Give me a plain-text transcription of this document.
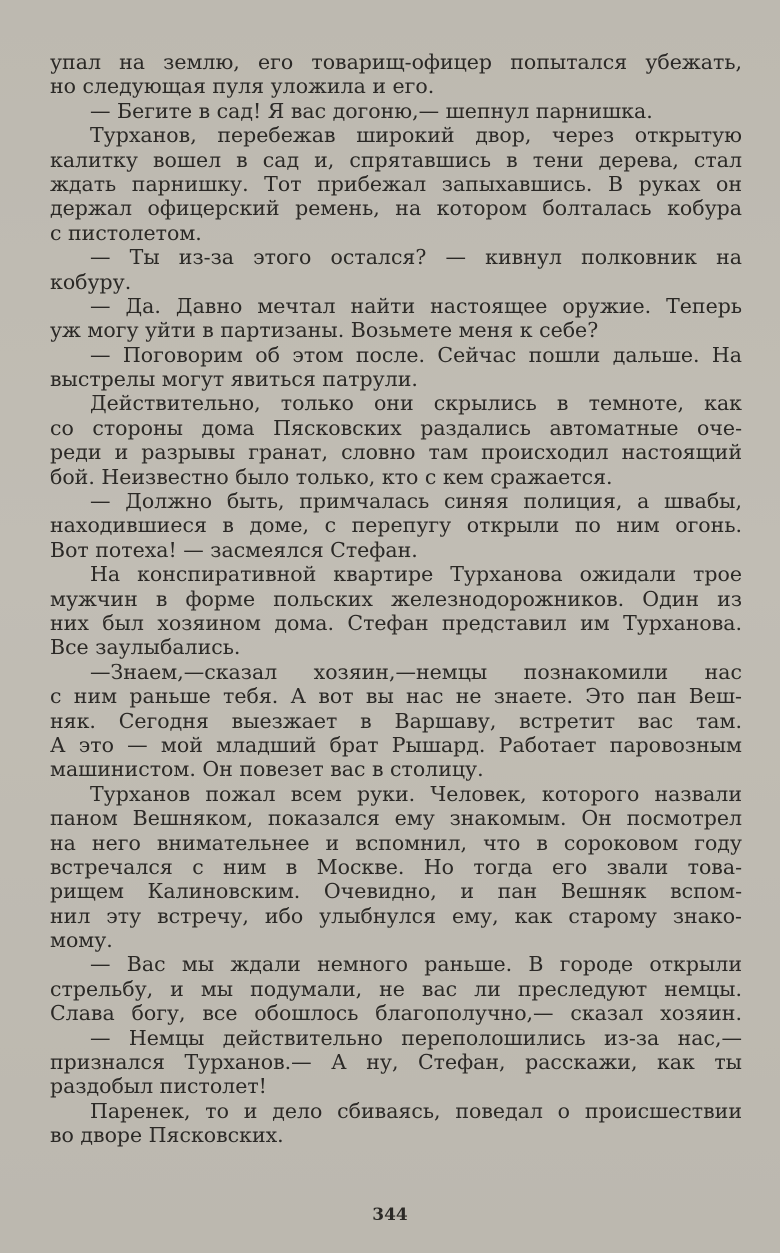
упал на землю, его товарищ-офицер попытался убежать,
но следующая пуля уложила и его.
— Бегите в сад! Я вас догоню,— шепнул парнишка.
Турханов, перебежав широкий двор, через открытую
калитку вошел в сад и, спрятавшись в тени дерева, стал
ждать парнишку. Тот прибежал запыхавшись. В руках он
держал офицерский ремень, на котором болталась кобура
с пистолетом.
— Ты из-за этого остался? — кивнул полковник на
кобуру.
— Да. Давно мечтал найти настоящее оружие. Теперь
уж могу уйти в партизаны. Возьмете меня к себе?
— Поговорим об этом после. Сейчас пошли дальше. На
выстрелы могут явиться патрули.
Действительно, только они скрылись в темноте, как
со стороны дома Пясковских раздались автоматные оче-
реди и разрывы гранат, словно там происходил настоящий
бой. Неизвестно было только, кто с кем сражается.
— Должно быть, примчалась синяя полиция, а швабы,
находившиеся в доме, с перепугу открыли по ним огонь.
Вот потеха! — засмеялся Стефан.
На конспиративной квартире Турханова ожидали трое
мужчин в форме польских железнодорожников. Один из
них был хозяином дома. Стефан представил им Турханова.
Все заулыбались.
—Знаем,—сказал хозяин,—немцы познакомили нас
с ним раньше тебя. А вот вы нас не знаете. Это пан Веш-
няк. Сегодня выезжает в Варшаву, встретит вас там.
А это — мой младший брат Рышард. Работает паровозным
машинистом. Он повезет вас в столицу.
Турханов пожал всем руки. Человек, которого назвали
паном Вешняком, показался ему знакомым. Он посмотрел
на него внимательнее и вспомнил, что в сороковом году
встречался с ним в Москве. Но тогда его звали това-
рищем Калиновским. Очевидно, и пан Вешняк вспом-
нил эту встречу, ибо улыбнулся ему, как старому знако-
мому.
— Вас мы ждали немного раньше. В городе открыли
стрельбу, и мы подумали, не вас ли преследуют немцы.
Слава богу, все обошлось благополучно,— сказал хозяин.
— Немцы действительно переполошились из-за нас,—
признался Турханов.— А ну, Стефан, расскажи, как ты
раздобыл пистолет!
Паренек, то и дело сбиваясь, поведал о происшествии
во дворе Пясковских.
344
